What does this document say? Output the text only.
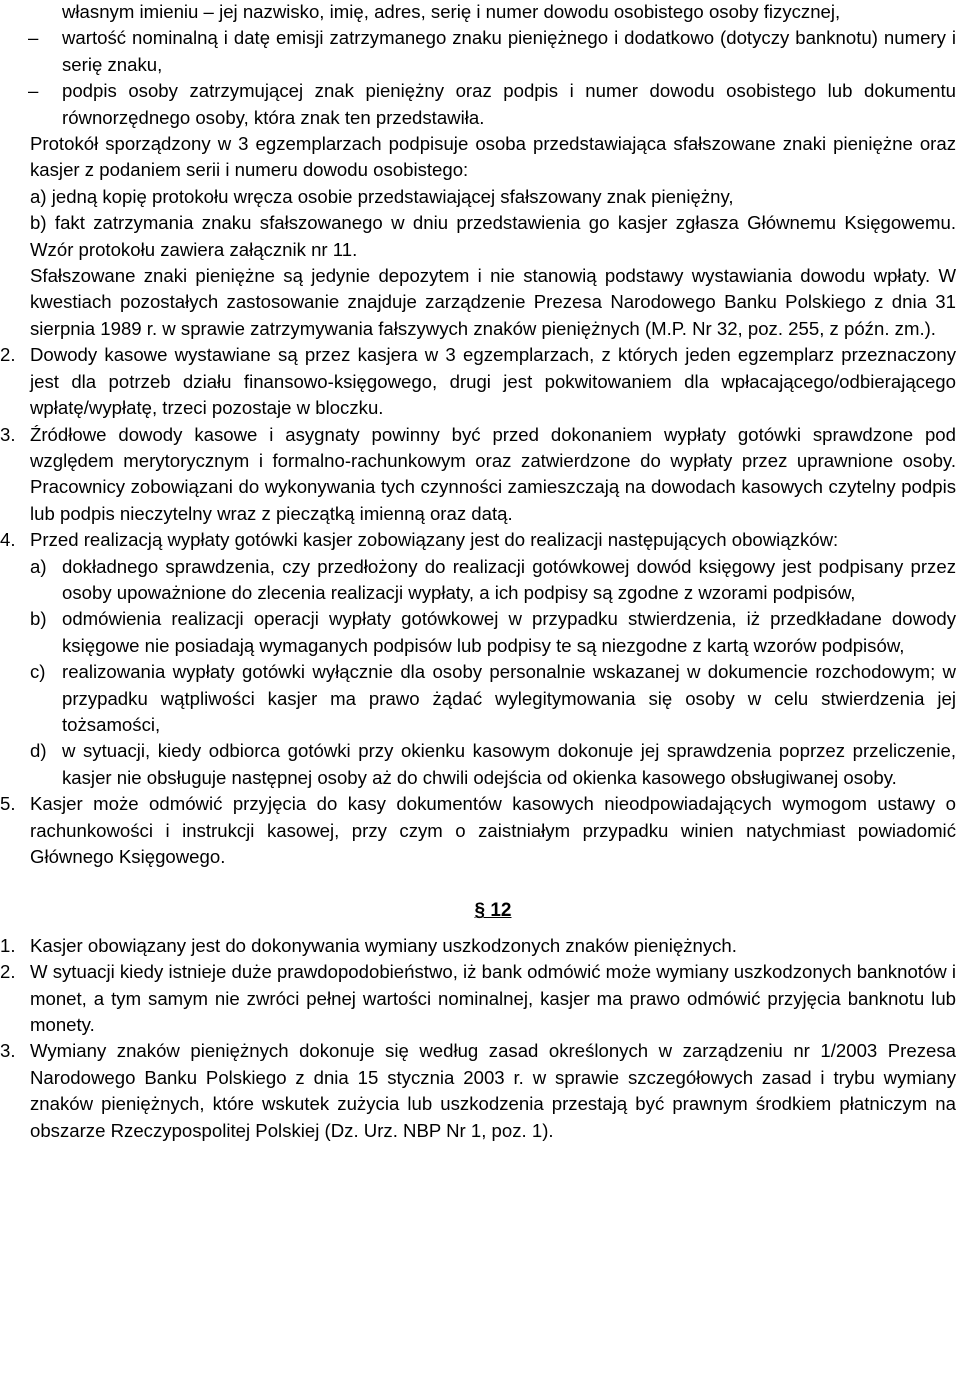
własnym imieniu – jej nazwisko, imię, adres, serię i numer dowodu osobistego osoby fizycznej,
– wartość nominalną i datę emisji zatrzymanego znaku pieniężnego i dodatkowo (dotyczy banknotu) numery i serię znaku,
– podpis osoby zatrzymującej znak pieniężny oraz podpis i numer dowodu osobistego lub dokumentu równorzędnego osoby, która znak ten przedstawiła.
Protokół sporządzony w 3 egzemplarzach podpisuje osoba przedstawiająca sfałszowane znaki pieniężne oraz kasjer z podaniem serii i numeru dowodu osobistego:
a) jedną kopię protokołu wręcza osobie przedstawiającej sfałszowany znak pieniężny,
b) fakt zatrzymania znaku sfałszowanego w dniu przedstawienia go kasjer zgłasza Głównemu Księgowemu. Wzór protokołu zawiera załącznik nr 11.
Sfałszowane znaki pieniężne są jedynie depozytem i nie stanowią podstawy wystawiania dowodu wpłaty. W kwestiach pozostałych zastosowanie znajduje zarządzenie Prezesa Narodowego Banku Polskiego z dnia 31 sierpnia 1989 r. w sprawie zatrzymywania fałszywych znaków pieniężnych (M.P. Nr 32, poz. 255, z późn. zm.).
2. Dowody kasowe wystawiane są przez kasjera w 3 egzemplarzach, z których jeden egzemplarz przeznaczony jest dla potrzeb działu finansowo-księgowego, drugi jest pokwitowaniem dla wpłacającego/odbierającego wpłatę/wypłatę, trzeci pozostaje w bloczku.
3. Źródłowe dowody kasowe i asygnaty powinny być przed dokonaniem wypłaty gotówki sprawdzone pod względem merytorycznym i formalno-rachunkowym oraz zatwierdzone do wypłaty przez uprawnione osoby. Pracownicy zobowiązani do wykonywania tych czynności zamieszczają na dowodach kasowych czytelny podpis lub podpis nieczytelny wraz z pieczątką imienną oraz datą.
4. Przed realizacją wypłaty gotówki kasjer zobowiązany jest do realizacji następujących obowiązków:
a) dokładnego sprawdzenia, czy przedłożony do realizacji gotówkowej dowód księgowy jest podpisany przez osoby upoważnione do zlecenia realizacji wypłaty, a ich podpisy są zgodne z wzorami podpisów,
b) odmówienia realizacji operacji wypłaty gotówkowej w przypadku stwierdzenia, iż przedkładane dowody księgowe nie posiadają wymaganych podpisów lub podpisy te są niezgodne z kartą wzorów podpisów,
c) realizowania wypłaty gotówki wyłącznie dla osoby personalnie wskazanej w dokumencie rozchodowym; w przypadku wątpliwości kasjer ma prawo żądać wylegitymowania się osoby w celu stwierdzenia jej tożsamości,
d) w sytuacji, kiedy odbiorca gotówki przy okienku kasowym dokonuje jej sprawdzenia poprzez przeliczenie, kasjer nie obsługuje następnej osoby aż do chwili odejścia od okienka kasowego obsługiwanej osoby.
5. Kasjer może odmówić przyjęcia do kasy dokumentów kasowych nieodpowiadających wymogom ustawy o rachunkowości i instrukcji kasowej, przy czym o zaistniałym przypadku winien natychmiast powiadomić Głównego Księgowego.
§ 12
1. Kasjer obowiązany jest do dokonywania wymiany uszkodzonych znaków pieniężnych.
2. W sytuacji kiedy istnieje duże prawdopodobieństwo, iż bank odmówić może wymiany uszkodzonych banknotów i monet, a tym samym nie zwróci pełnej wartości nominalnej, kasjer ma prawo odmówić przyjęcia banknotu lub monety.
3. Wymiany znaków pieniężnych dokonuje się według zasad określonych w zarządzeniu nr 1/2003 Prezesa Narodowego Banku Polskiego z dnia 15 stycznia 2003 r. w sprawie szczegółowych zasad i trybu wymiany znaków pieniężnych, które wskutek zużycia lub uszkodzenia przestają być prawnym środkiem płatniczym na obszarze Rzeczypospolitej Polskiej (Dz. Urz. NBP Nr 1, poz. 1).
